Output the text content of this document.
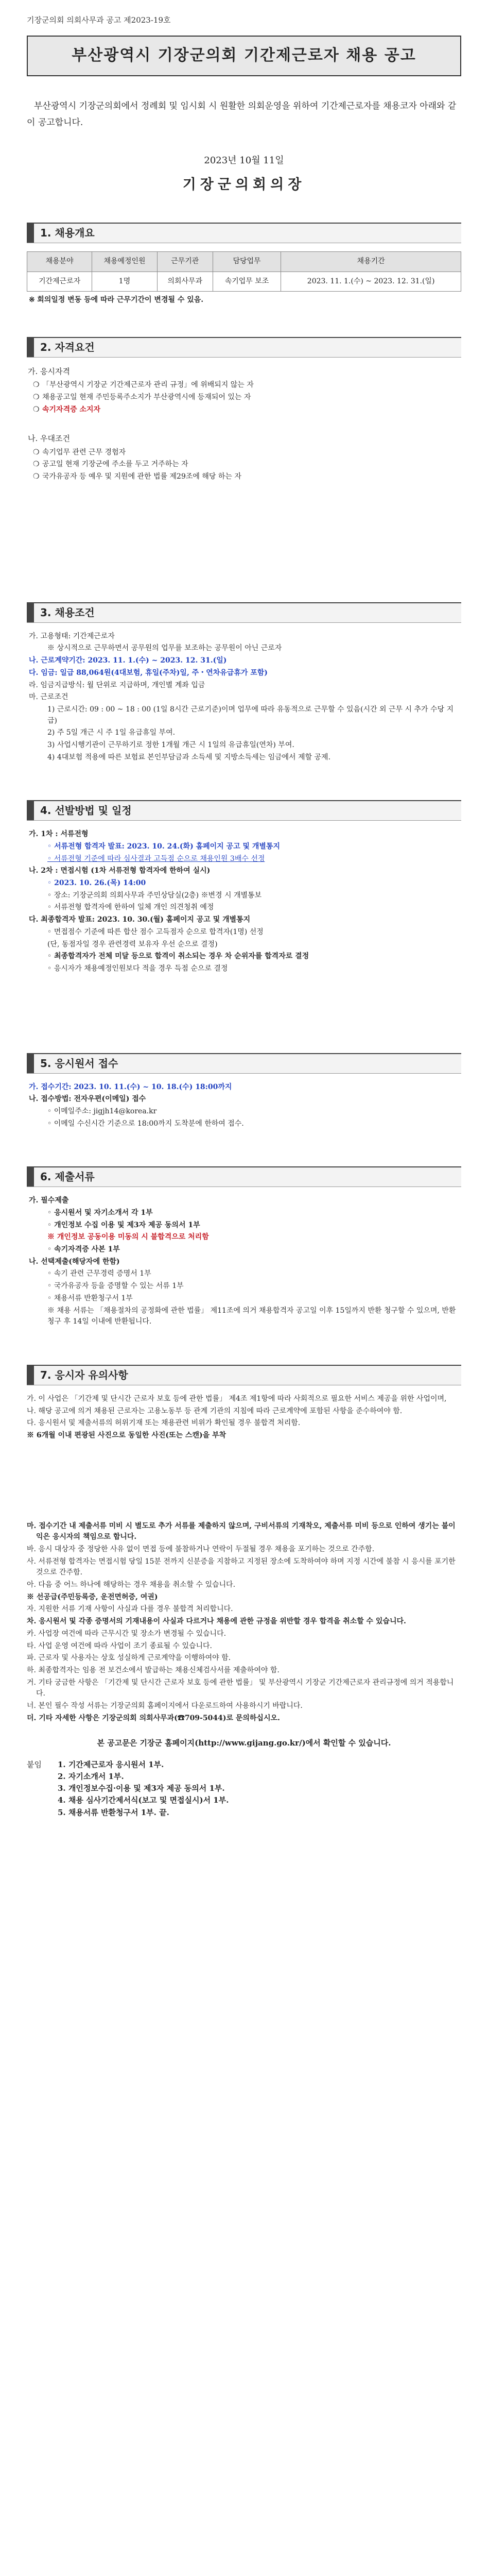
기장군의회 의회사무과 공고 제2023-19호
부산광역시 기장군의회 기간제근로자 채용 공고

부산광역시 기장군의회에서 정례회 및 임시회 시 원활한 의회운영을 위하여 기간제근로자를 채용코자 아래와 같이 공고합니다.

2023년 10월 11일
기장군의회의장
1. 채용개요
채용분야	채용예정인원	근무기관	담당업무	채용기간
기간제근로자	1명	의회사무과	속기업무 보조	2023. 11. 1.(수) ~ 2023. 12. 31.(일)
※ 회의일정 변동 등에 따라 근무기간이 변경될 수 있음.
2. 자격요건
가. 응시자격
❍ 「부산광역시 기장군 기간제근로자 관리 규정」에 위배되지 않는 자
❍ 채용공고일 현재 주민등록주소지가 부산광역시에 등재되어 있는 자
❍ 속기자격증 소지자
나. 우대조건
❍ 속기업무 관련 근무 경험자
❍ 공고일 현재 기장군에 주소를 두고 거주하는 자
❍ 국가유공자 등 예우 및 지원에 관한 법률 제29조에 해당 하는 자
3. 채용조건
가. 고용형태: 기간제근로자
※ 상시적으로 근무하면서 공무원의 업무를 보조하는 공무원이 아닌 근로자
나. 근로계약기간: 2023. 11. 1.(수) ~ 2023. 12. 31.(일)
다. 임금: 일급 88,064원(4대보험, 휴일(주차)일, 주・연차유급휴가 포함)
라. 임금지급방식: 월 단위로 지급하며, 개인별 계좌 입금
마. 근로조건
1) 근로시간: 09 : 00 ~ 18 : 00 (1일 8시간 근로기준)이며 업무에 따라 유동적으로 근무할 수 있음(시간 외 근무 시 추가 수당 지급)
2) 주 5일 개근 시 주 1일 유급휴일 부여.
3) 사업시행기관이 근무하기로 정한 1개월 개근 시 1일의 유급휴일(연차) 부여.
4) 4대보험 적용에 따른 보험료 본인부담금과 소득세 및 지방소득세는 임금에서 제할 공제.
4. 선발방법 및 일정
가. 1차 : 서류전형
◦ 서류전형 합격자 발표: 2023. 10. 24.(화) 홈페이지 공고 및 개별통지
◦ 서류전형 기준에 따라 심사결과 고득점 순으로 채용인원 3배수 선정
나. 2차 : 면접시험 (1차 서류전형 합격자에 한하여 실시)
◦ 2023. 10. 26.(목) 14:00
◦ 장소: 기장군의회 의회사무과 주민상담실(2층) ※변경 시 개별통보
◦ 서류전형 합격자에 한하여 일체 개인 의견청취 예정
다. 최종합격자 발표: 2023. 10. 30.(월) 홈페이지 공고 및 개별통지
◦ 면접점수 기준에 따른 합산 점수 고득점자 순으로 합격자(1명) 선정
(단, 동점자일 경우 관련경력 보유자 우선 순으로 결정)
◦ 최종합격자가 전체 미달 등으로 합격이 취소되는 경우 차 순위자를 합격자로 결정
◦ 응시자가 채용예정인원보다 적을 경우 득점 순으로 결정
5. 응시원서 접수
가. 접수기간: 2023. 10. 11.(수) ~ 10. 18.(수) 18:00까지
나. 접수방법: 전자우편(이메일) 접수
◦ 이메일주소: jigjh14@korea.kr
◦ 이메일 수신시간 기준으로 18:00까지 도착분에 한하여 접수.
6. 제출서류
가. 필수제출
◦ 응시원서 및 자기소개서 각 1부
◦ 개인정보 수집 이용 및 제3자 제공 동의서 1부
※ 개인정보 공동이용 미동의 시 불합격으로 처리함
◦ 속기자격증 사본 1부
나. 선택제출(해당자에 한함)
◦ 속기 관련 근무경력 증명서 1부
◦ 국가유공자 등을 증명할 수 있는 서류 1부
◦ 채용서류 반환청구서 1부
※ 채용 서류는 「채용절차의 공정화에 관한 법률」 제11조에 의거 채용합격자 공고일 이후 15일까지 반환 청구할 수 있으며, 반환청구 후 14일 이내에 반환됩니다.
7. 응시자 유의사항

가. 이 사업은 「기간제 및 단시간 근로자 보호 등에 관한 법률」 제4조 제1항에 따라 사회적으로 필요한 서비스 제공을 위한 사업이며,

나. 해당 공고에 의거 채용된 근로자는 고용노동부 등 관계 기관의 지침에 따라 근로계약에 포함된 사항을 준수하여야 함.

다. 응시원서 및 제출서류의 허위기재 또는 채용관련 비위가 확인될 경우 불합격 처리함.

※ 6개월 이내 편광된 사진으로 동일한 사진(또는 스캔)을 부착

마. 접수기간 내 제출서류 미비 시 별도로 추가 서류를 제출하지 않으며, 구비서류의 기재착오, 제출서류 미비 등으로 인하여 생기는 불이익은 응시자의 책임으로 합니다.

바. 응시 대상자 중 정당한 사유 없이 면접 등에 불참하거나 연락이 두절될 경우 채용을 포기하는 것으로 간주함.

사. 서류전형 합격자는 면접시험 당일 15분 전까지 신분증을 지참하고 지정된 장소에 도착하여야 하며 지정 시간에 불참 시 응시를 포기한 것으로 간주함.

아. 다음 중 어느 하나에 해당하는 경우 채용을 취소할 수 있습니다.

※ 선공급(주민등록증, 운전면허증, 여권)

자. 지원한 서류 기재 사항이 사실과 다를 경우 불합격 처리합니다.

차. 응시원서 및 각종 증명서의 기재내용이 사실과 다르거나 채용에 관한 규정을 위반할 경우 합격을 취소할 수 있습니다.

카. 사업장 여건에 따라 근무시간 및 장소가 변경될 수 있습니다.

타. 사업 운영 여건에 따라 사업이 조기 종료될 수 있습니다.

파. 근로자 및 사용자는 상호 성실하게 근로계약을 이행하여야 함.

하. 최종합격자는 임용 전 보건소에서 발급하는 채용신체검사서를 제출하여야 함.

거. 기타 궁금한 사항은 「기간제 및 단시간 근로자 보호 등에 관한 법률」 및 부산광역시 기장군 기간제근로자 관리규정에 의거 적용합니다.

너. 본인 필수 작성 서류는 기장군의회 홈페이지에서 다운로드하여 사용하시기 바랍니다.

더. 기타 자세한 사항은 기장군의회 의회사무과(☎709-5044)로 문의하십시오.

본 공고문은 기장군 홈페이지(http://www.gijang.go.kr/)에서 확인할 수 있습니다.
붙임	1. 기간제근로자 응시원서 1부.
2. 자기소개서 1부.
3. 개인정보수집·이용 및 제3자 제공 동의서 1부.
4. 채용 심사기간제서식(보고 및 면접실시)서 1부.
5. 채용서류 반환청구서 1부. 끝.
